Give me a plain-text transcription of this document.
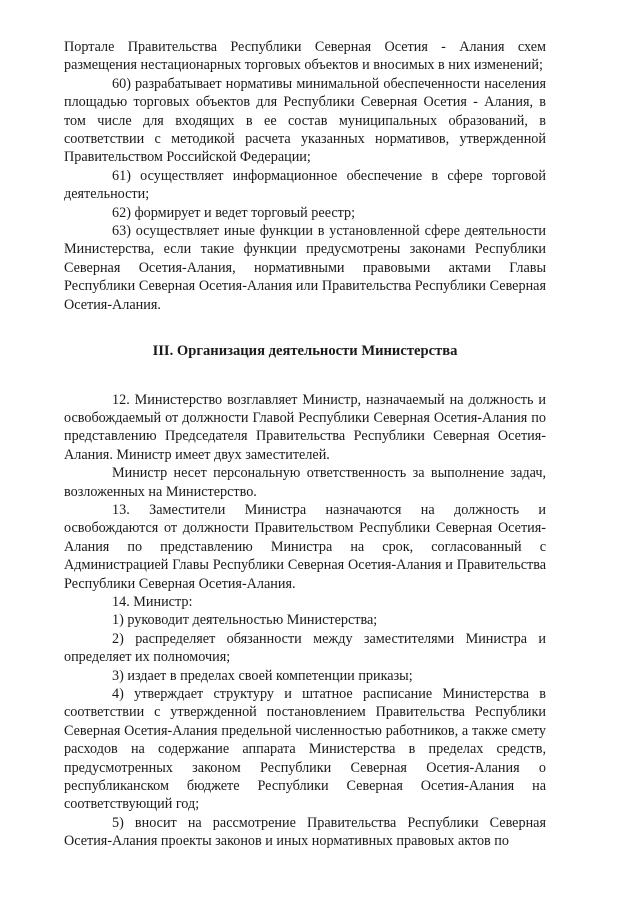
Портале Правительства Республики Северная Осетия - Алания схем размещения нестационарных торговых объектов и вносимых в них изменений;

60) разрабатывает нормативы минимальной обеспеченности населения площадью торговых объектов для Республики Северная Осетия - Алания, в том числе для входящих в ее состав муниципальных образований, в соответствии с методикой расчета указанных нормативов, утвержденной Правительством Российской Федерации;

61) осуществляет информационное обеспечение в сфере торговой деятельности;

62) формирует и ведет торговый реестр;

63) осуществляет иные функции в установленной сфере деятельности Министерства, если такие функции предусмотрены законами Республики Северная Осетия-Алания, нормативными правовыми актами Главы Республики Северная Осетия-Алания или Правительства Республики Северная Осетия-Алания.

III. Организация деятельности Министерства

12. Министерство возглавляет Министр, назначаемый на должность и освобождаемый от должности Главой Республики Северная Осетия-Алания по представлению Председателя Правительства Республики Северная Осетия-Алания. Министр имеет двух заместителей.

Министр несет персональную ответственность за выполнение задач, возложенных на Министерство.

13. Заместители Министра назначаются на должность и освобождаются от должности Правительством Республики Северная Осетия-Алания по представлению Министра на срок, согласованный с Администрацией Главы Республики Северная Осетия-Алания и Правительства Республики Северная Осетия-Алания.

14. Министр:

1) руководит деятельностью Министерства;

2) распределяет обязанности между заместителями Министра и определяет их полномочия;

3) издает в пределах своей компетенции приказы;

4) утверждает структуру и штатное расписание Министерства в соответствии с утвержденной постановлением Правительства Республики Северная Осетия-Алания предельной численностью работников, а также смету расходов на содержание аппарата Министерства в пределах средств, предусмотренных законом Республики Северная Осетия-Алания о республиканском бюджете Республики Северная Осетия-Алания на соответствующий год;

5) вносит на рассмотрение Правительства Республики Северная Осетия-Алания проекты законов и иных нормативных правовых актов по
